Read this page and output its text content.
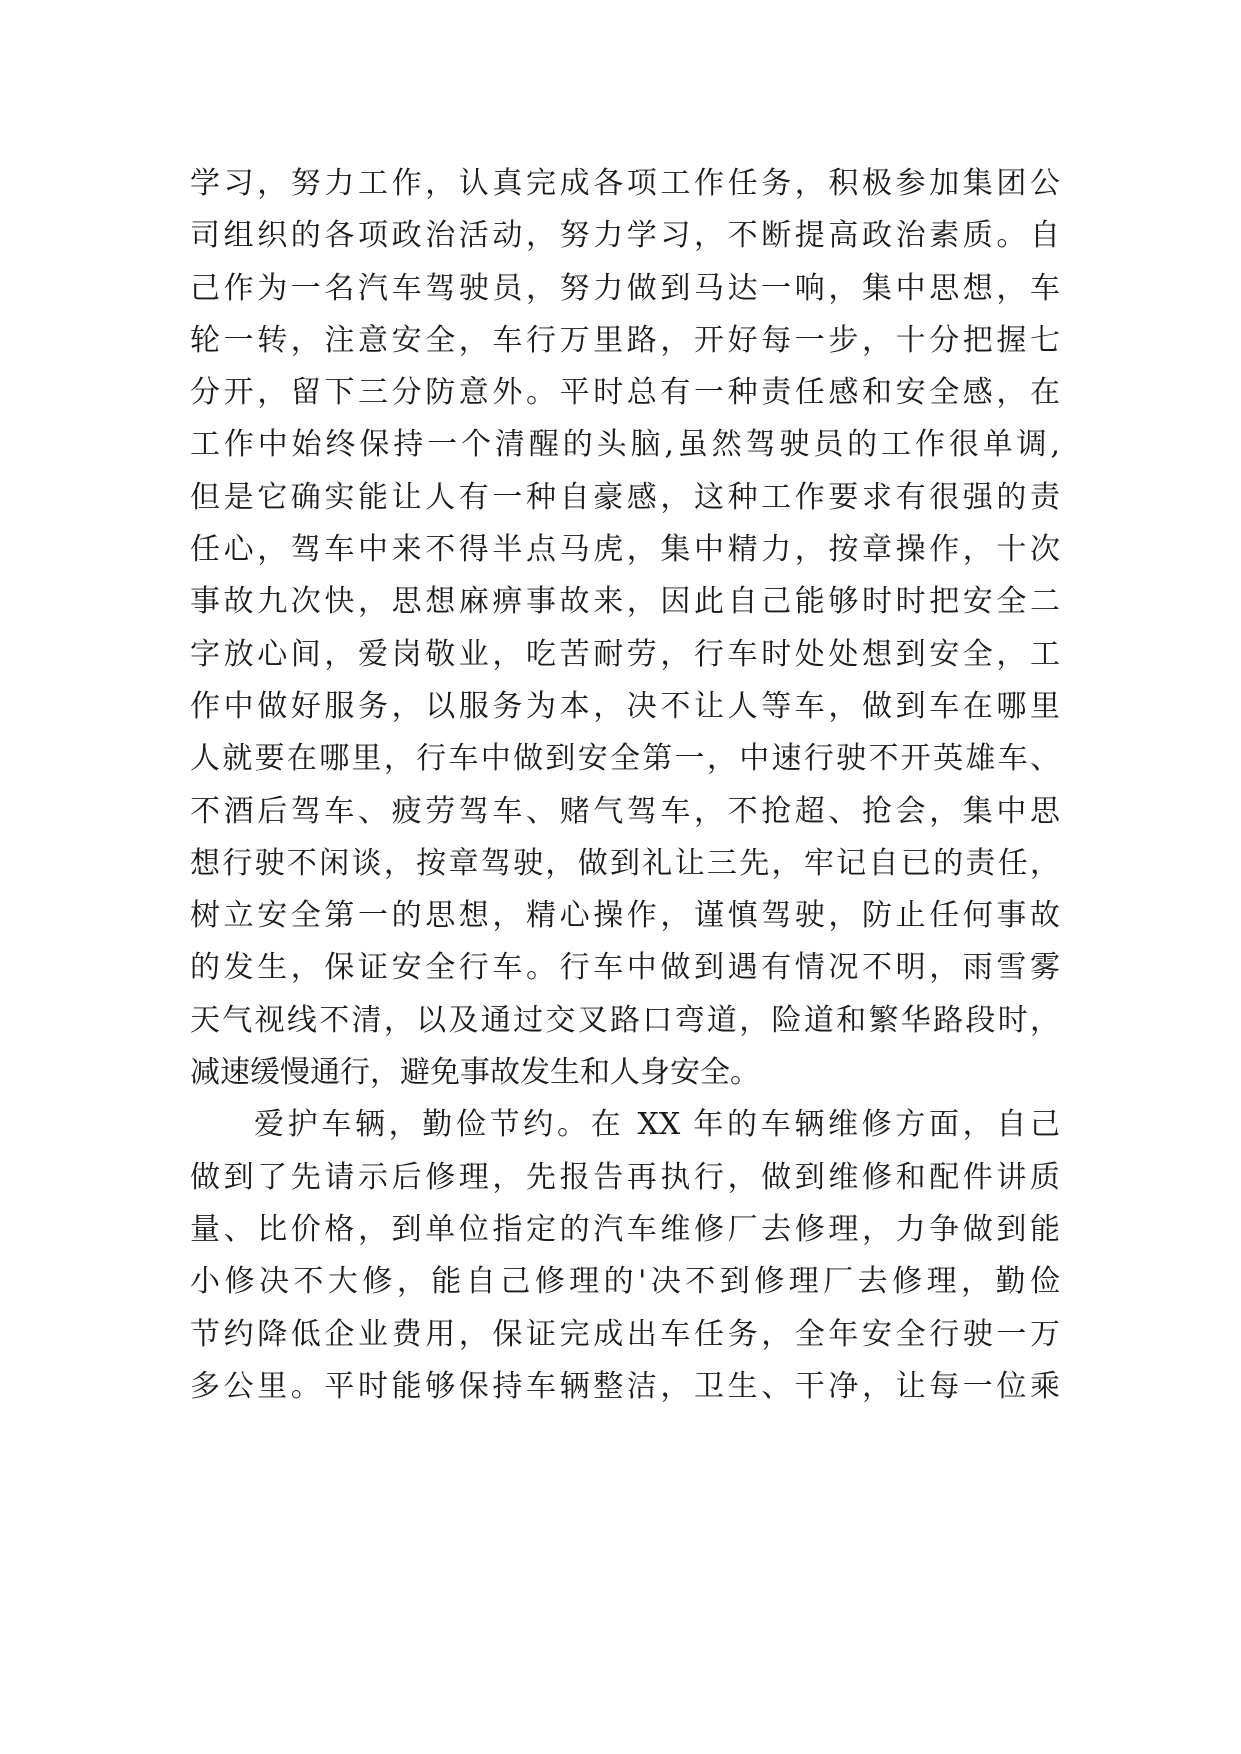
学习，努力工作，认真完成各项工作任务，积极参加集团公
司组织的各项政治活动，努力学习，不断提高政治素质。自
己作为一名汽车驾驶员，努力做到马达一响，集中思想，车
轮一转，注意安全，车行万里路，开好每一步，十分把握七
分开，留下三分防意外。平时总有一种责任感和安全感，在
工作中始终保持一个清醒的头脑,虽然驾驶员的工作很单调,
但是它确实能让人有一种自豪感，这种工作要求有很强的责
任心，驾车中来不得半点马虎，集中精力，按章操作，十次
事故九次快，思想麻痹事故来，因此自己能够时时把安全二
字放心间，爱岗敬业，吃苦耐劳，行车时处处想到安全，工
作中做好服务，以服务为本，决不让人等车，做到车在哪里
人就要在哪里，行车中做到安全第一，中速行驶不开英雄车、
不酒后驾车、疲劳驾车、赌气驾车，不抢超、抢会，集中思
想行驶不闲谈，按章驾驶，做到礼让三先，牢记自已的责任，
树立安全第一的思想，精心操作，谨慎驾驶，防止任何事故
的发生，保证安全行车。行车中做到遇有情况不明，雨雪雾
天气视线不清，以及通过交叉路口弯道，险道和繁华路段时，
减速缓慢通行，避免事故发生和人身安全。
爱护车辆，勤俭节约。在 XX 年的车辆维修方面，自己
做到了先请示后修理，先报告再执行，做到维修和配件讲质
量、比价格，到单位指定的汽车维修厂去修理，力争做到能
小修决不大修，能自己修理的'决不到修理厂去修理，勤俭
节约降低企业费用，保证完成出车任务，全年安全行驶一万
多公里。平时能够保持车辆整洁，卫生、干净，让每一位乘
